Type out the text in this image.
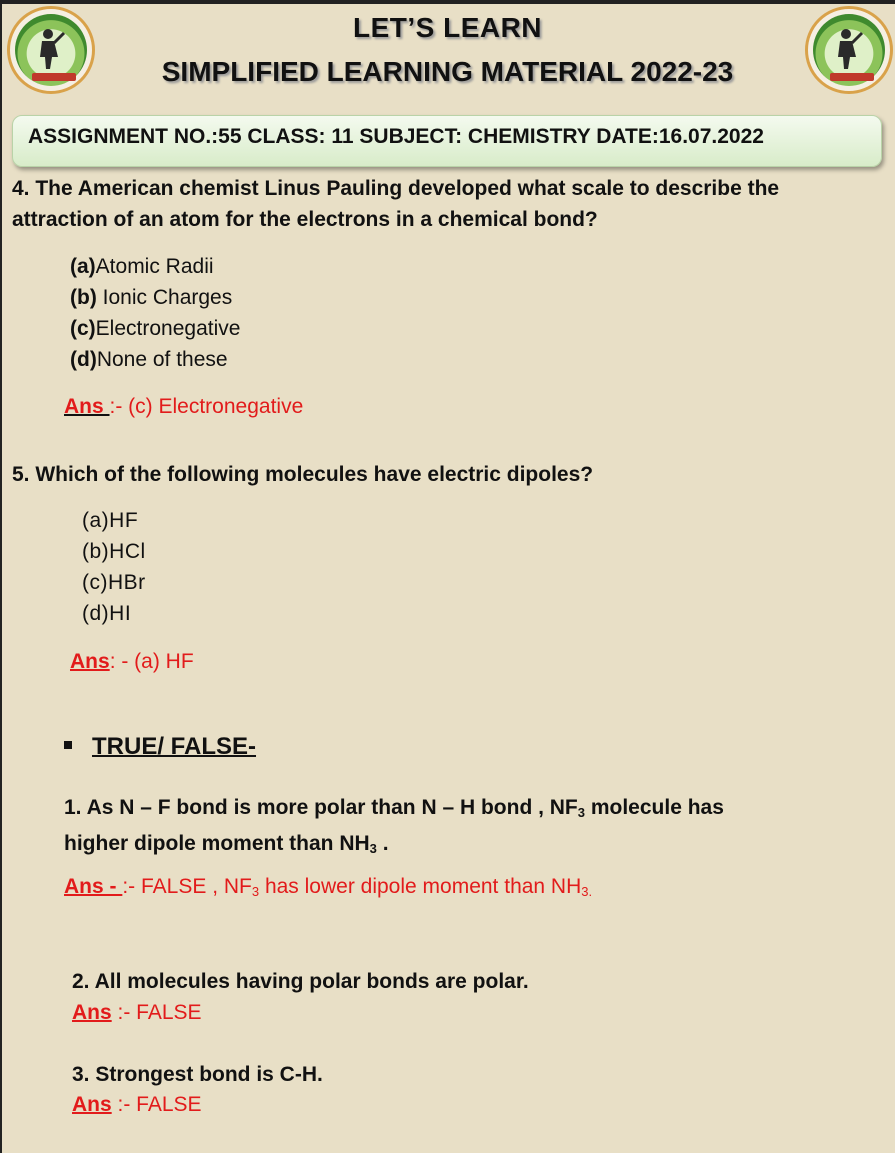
LET’S LEARN
SIMPLIFIED LEARNING MATERIAL 2022-23
ASSIGNMENT NO.:55 CLASS: 11 SUBJECT: CHEMISTRY DATE:16.07.2022
4. The American chemist Linus Pauling developed what scale to describe the
attraction of an atom for the electrons in a chemical bond?
(a)Atomic Radii
(b) Ionic Charges
(c)Electronegative
(d)None of these
Ans :- (c) Electronegative
5. Which of the following molecules have electric dipoles?
(a)HF
(b)HCl
(c)HBr
(d)HI
Ans: - (a) HF
TRUE/ FALSE-
1. As N – F bond is more polar than N – H bond , $NF_3$ molecule has
higher dipole moment than $NH_3$ .
Ans - :- FALSE , $NF_3$ has lower dipole moment than $NH_{3.}$
2. All molecules having polar bonds are polar.
Ans :- FALSE
3. Strongest bond is C-H.
Ans :- FALSE
